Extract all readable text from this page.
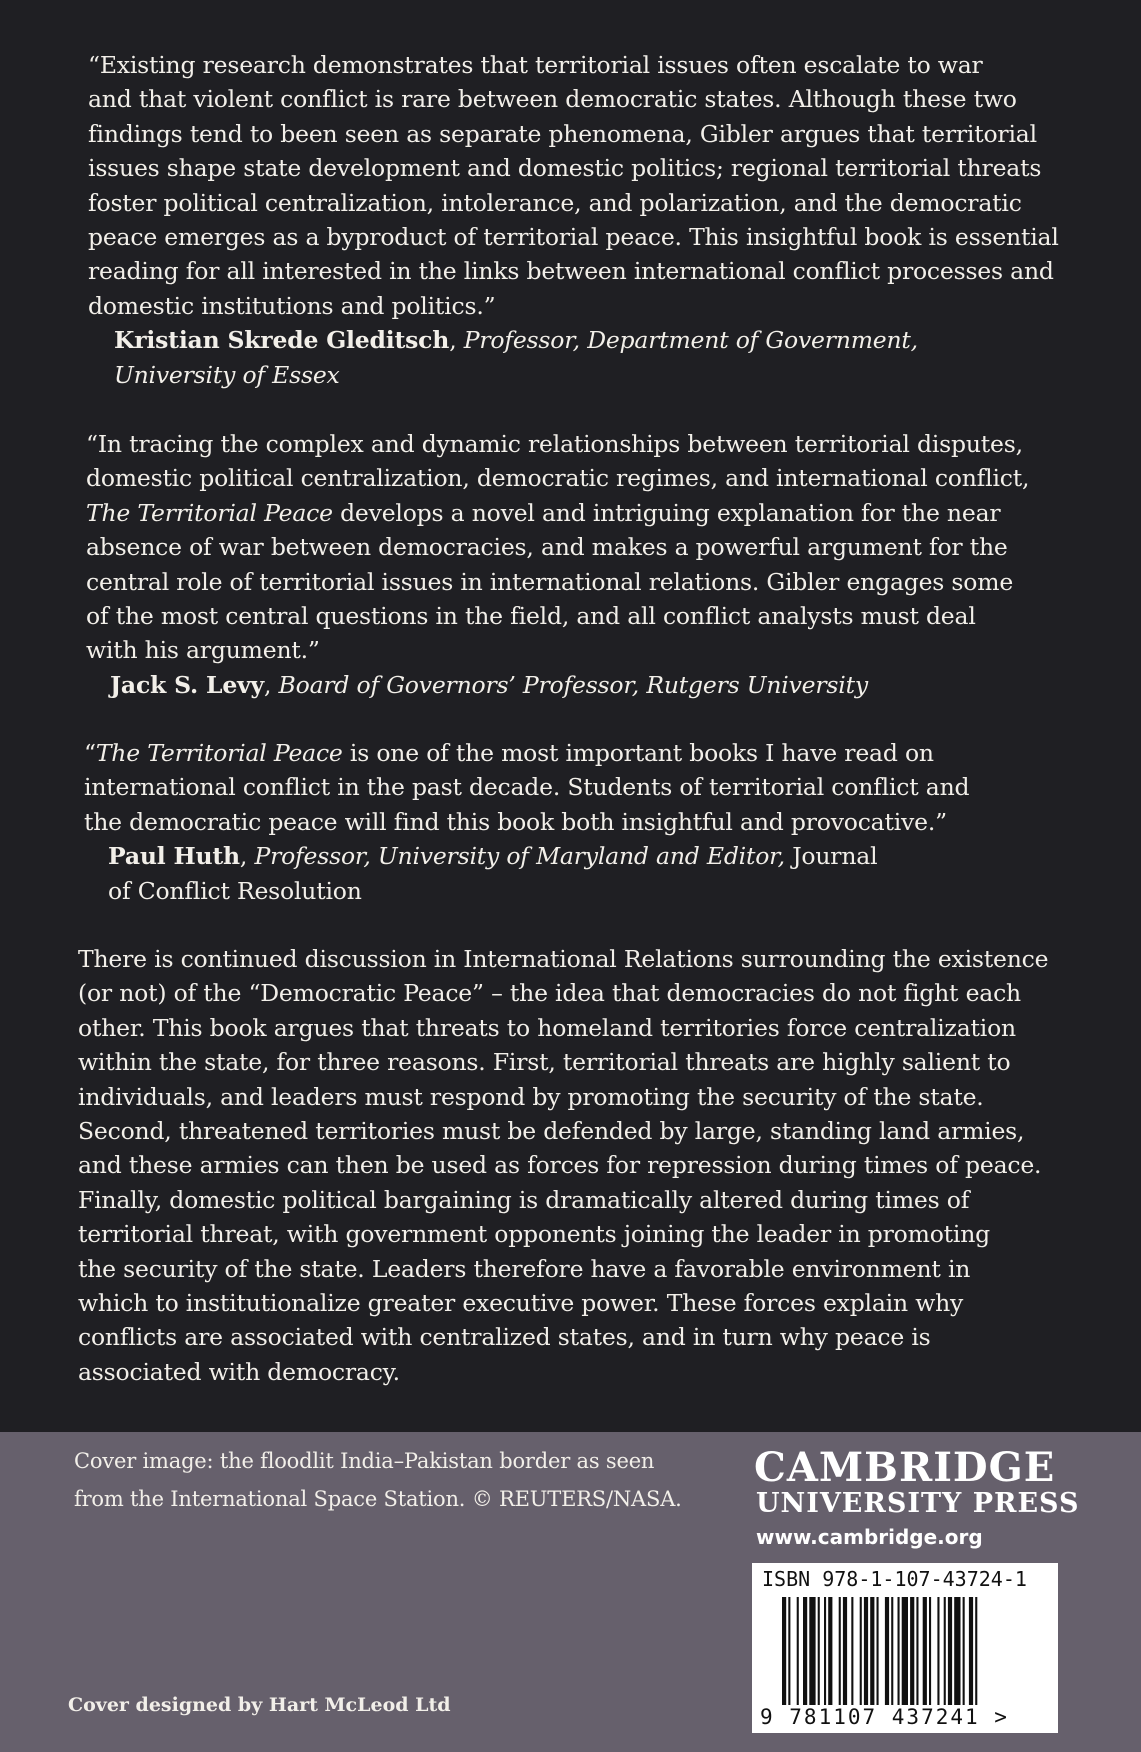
“Existing research demonstrates that territorial issues often escalate to war

and that violent conflict is rare between democratic states. Although these two

findings tend to been seen as separate phenomena, Gibler argues that territorial

issues shape state development and domestic politics; regional territorial threats

foster political centralization, intolerance, and polarization, and the democratic

peace emerges as a byproduct of territorial peace. This insightful book is essential

reading for all interested in the links between international conflict processes and

domestic institutions and politics.”

Kristian Skrede Gleditsch, Professor, Department of Government,

University of Essex

“In tracing the complex and dynamic relationships between territorial disputes,

domestic political centralization, democratic regimes, and international conflict,

The Territorial Peace develops a novel and intriguing explanation for the near

absence of war between democracies, and makes a powerful argument for the

central role of territorial issues in international relations. Gibler engages some

of the most central questions in the field, and all conflict analysts must deal

with his argument.”

Jack S. Levy, Board of Governors’ Professor, Rutgers University

“The Territorial Peace is one of the most important books I have read on

international conflict in the past decade. Students of territorial conflict and

the democratic peace will find this book both insightful and provocative.”

Paul Huth, Professor, University of Maryland and Editor, Journal

of Conflict Resolution

There is continued discussion in International Relations surrounding the existence

(or not) of the “Democratic Peace” – the idea that democracies do not fight each

other. This book argues that threats to homeland territories force centralization

within the state, for three reasons. First, territorial threats are highly salient to

individuals, and leaders must respond by promoting the security of the state.

Second, threatened territories must be defended by large, standing land armies,

and these armies can then be used as forces for repression during times of peace.

Finally, domestic political bargaining is dramatically altered during times of

territorial threat, with government opponents joining the leader in promoting

the security of the state. Leaders therefore have a favorable environment in

which to institutionalize greater executive power. These forces explain why

conflicts are associated with centralized states, and in turn why peace is

associated with democracy.

Cover image: the floodlit India–Pakistan border as seen
from the International Space Station. © REUTERS/NASA.
Cover designed by Hart McLeod Ltd
CAMBRIDGE
UNIVERSITY PRESS
www.cambridge.org
ISBN 978-1-107-43724-1
9 781107 437241 >
